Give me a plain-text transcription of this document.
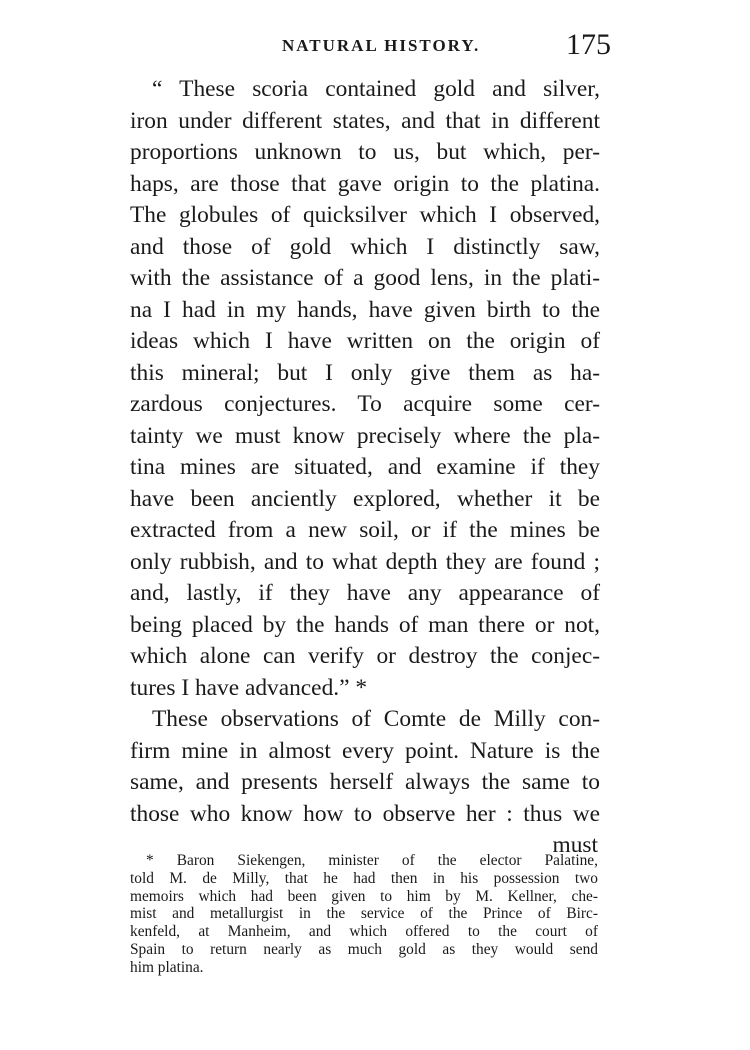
NATURAL HISTORY.	175
“ These scoria contained gold and silver,
iron under different states, and that in different
proportions unknown to us, but which, per-
haps, are those that gave origin to the platina.
The globules of quicksilver which I observed,
and those of gold which I distinctly saw,
with the assistance of a good lens, in the plati-
na I had in my hands, have given birth to the
ideas which I have written on the origin of
this mineral; but I only give them as ha-
zardous conjectures. To acquire some cer-
tainty we must know precisely where the pla-
tina mines are situated, and examine if they
have been anciently explored, whether it be
extracted from a new soil, or if the mines be
only rubbish, and to what depth they are found ;
and, lastly, if they have any appearance of
being placed by the hands of man there or not,
which alone can verify or destroy the conjec-
tures I have advanced.” *
These observations of Comte de Milly con-
firm mine in almost every point. Nature is the
same, and presents herself always the same to
those who know how to observe her : thus we
must
* Baron Siekengen, minister of the elector Palatine,
told M. de Milly, that he had then in his possession two
memoirs which had been given to him by M. Kellner, che-
mist and metallurgist in the service of the Prince of Birc-
kenfeld, at Manheim, and which offered to the court of
Spain to return nearly as much gold as they would send
him platina.
